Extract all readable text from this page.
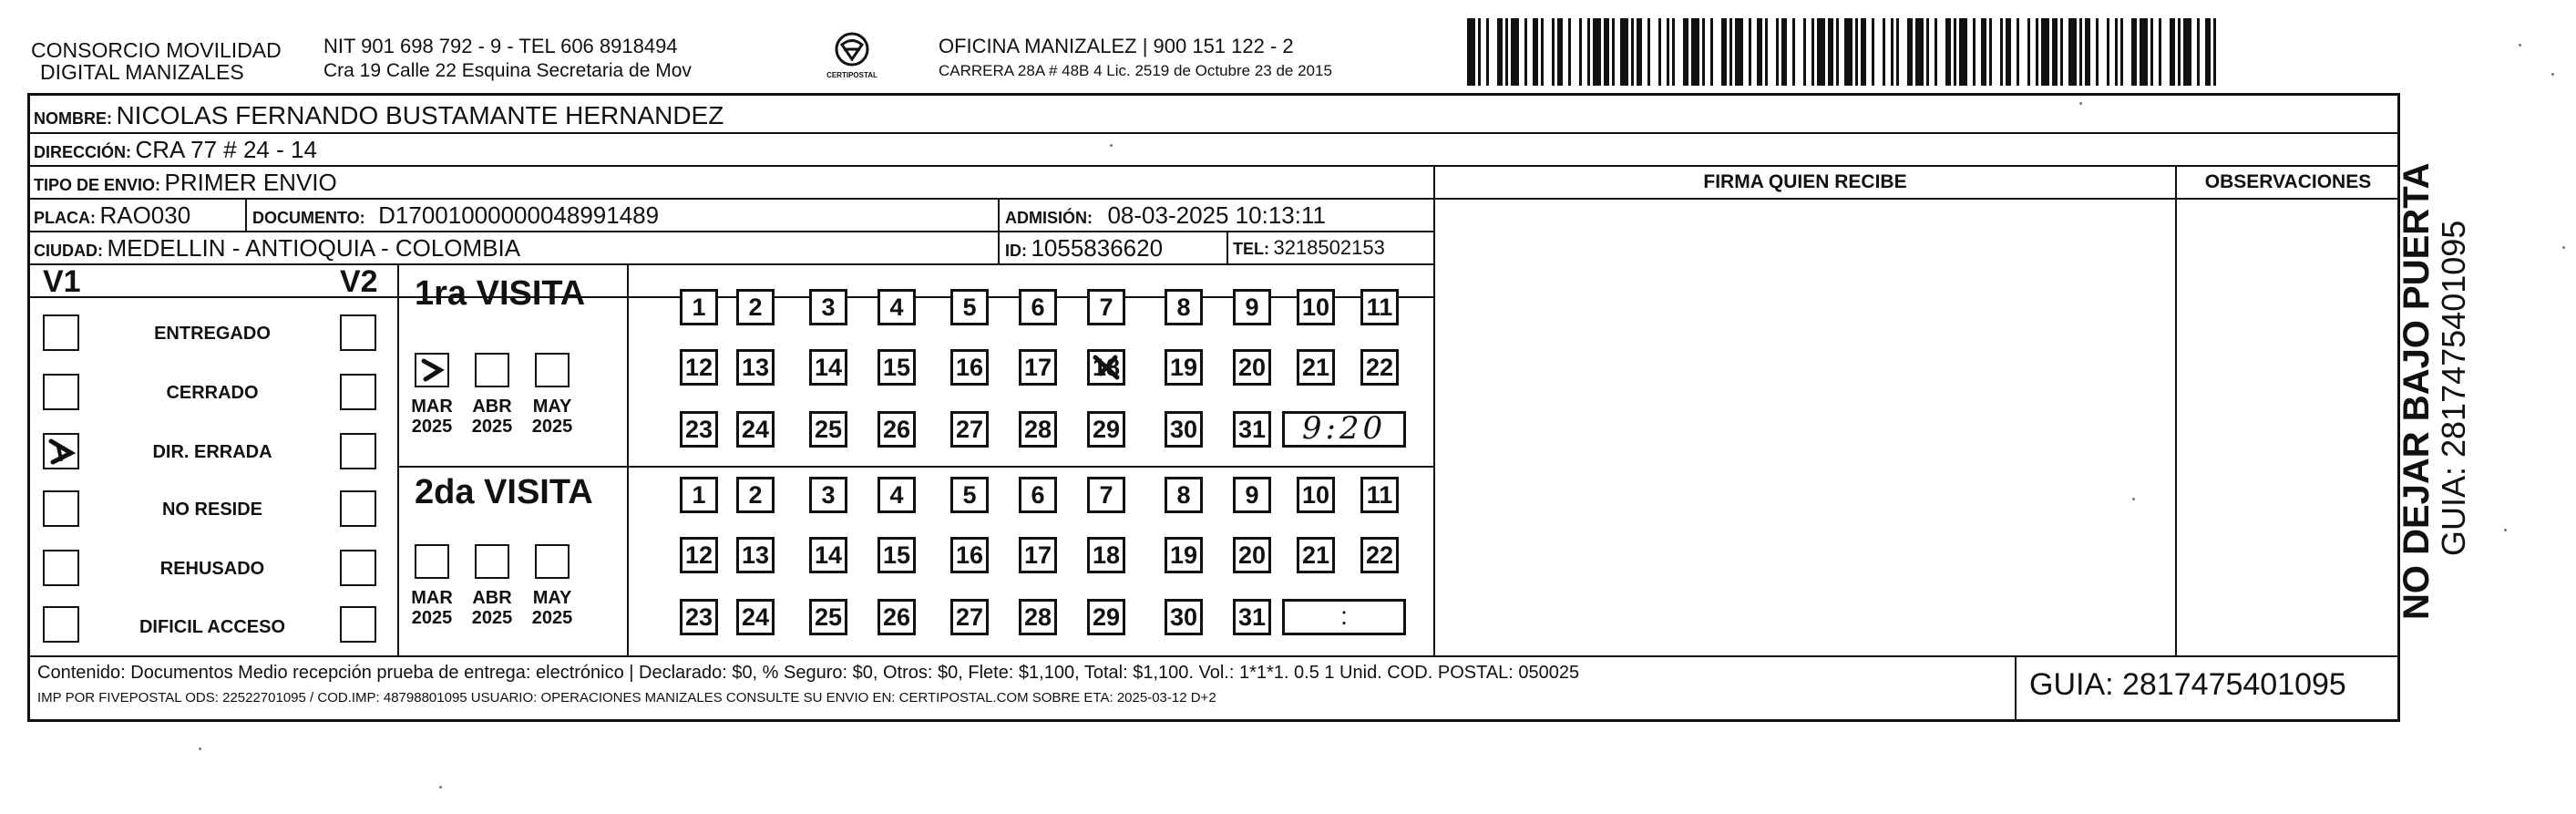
CONSORCIO MOVILIDAD
DIGITAL MANIZALES
NIT 901 698 792 - 9 - TEL 606 8918494
Cra 19 Calle 22 Esquina Secretaria de Mov	CERTIPOSTAL
OFICINA MANIZALEZ | 900 151 122 - 2
CARRERA 28A # 48B 4 Lic. 2519 de Octubre 23 de 2015
NOMBRE: NICOLAS FERNANDO BUSTAMANTE HERNANDEZ
DIRECCIÓN: CRA 77 # 24 - 14
TIPO DE ENVIO: PRIMER ENVIO	FIRMA QUIEN RECIBE	OBSERVACIONES
PLACA: RAO030	DOCUMENTO: D17001000000048991489	ADMISIÓN: 08-03-2025 10:13:11
CIUDAD: MEDELLIN - ANTIOQUIA - COLOMBIA	ID: 1055836620	TEL: 3218502153
V1	V2
ENTREGADO
CERRADO
DIR. ERRADA
NO RESIDE
REHUSADO
DIFICIL ACCESO
1ra VISITA
MAR
2025
ABR
2025
MAY
2025
2da VISITA
MAR
2025
ABR
2025
MAY
2025
1	2	3	4	5	6	7	8	9	10 11
12 13 14 15 16 17 18 19 20 21 22
23 24 25 26 27 28 29 30 31
1	2	3	4	5	6	7	8	9	10 11
12 13 14 15 16 17 18 19 20 21 22
23 24 25 26 27 28 29 30 31
9:20
:
Contenido: Documentos Medio recepción prueba de entrega: electrónico | Declarado: $0, % Seguro: $0, Otros: $0, Flete: $1,100, Total: $1,100. Vol.: 1*1*1. 0.5 1 Unid. COD. POSTAL: 050025
IMP POR FIVEPOSTAL ODS: 22522701095 / COD.IMP: 48798801095 USUARIO: OPERACIONES MANIZALES CONSULTE SU ENVIO EN: CERTIPOSTAL.COM SOBRE ETA: 2025-03-12 D+2	GUIA: 2817475401095
NO DEJAR BAJO PUERTA
GUIA: 2817475401095
